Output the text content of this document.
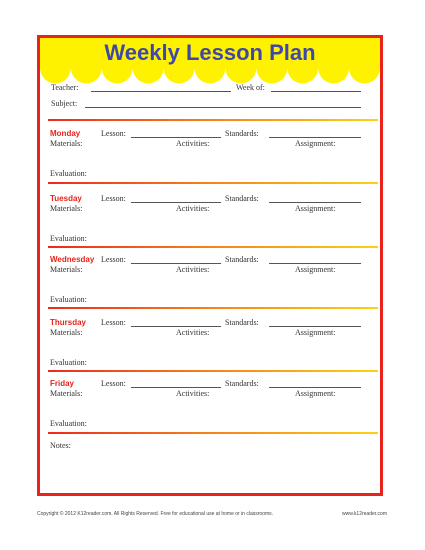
Weekly Lesson Plan
Teacher:	Week of:
Subject:
Monday	Lesson:	Standards:
Materials:	Activities:	Assignment:
Evaluation:
Tuesday Lesson:	Standards:
Materials:	Activities:	Assignment:
Evaluation:
Wednesday Lesson:	Standards:
Materials:	Activities:	Assignment:
Evaluation:
Thursday Lesson:	Standards:
Materials:	Activities:	Assignment:
Evaluation:
Friday	Lesson:	Standards:
Materials:	Activities:	Assignment:
Evaluation:
Notes:
Copyright © 2012 K12reader.com. All Rights Reserved. Free for educational use at home or in classrooms.	www.k12reader.com
